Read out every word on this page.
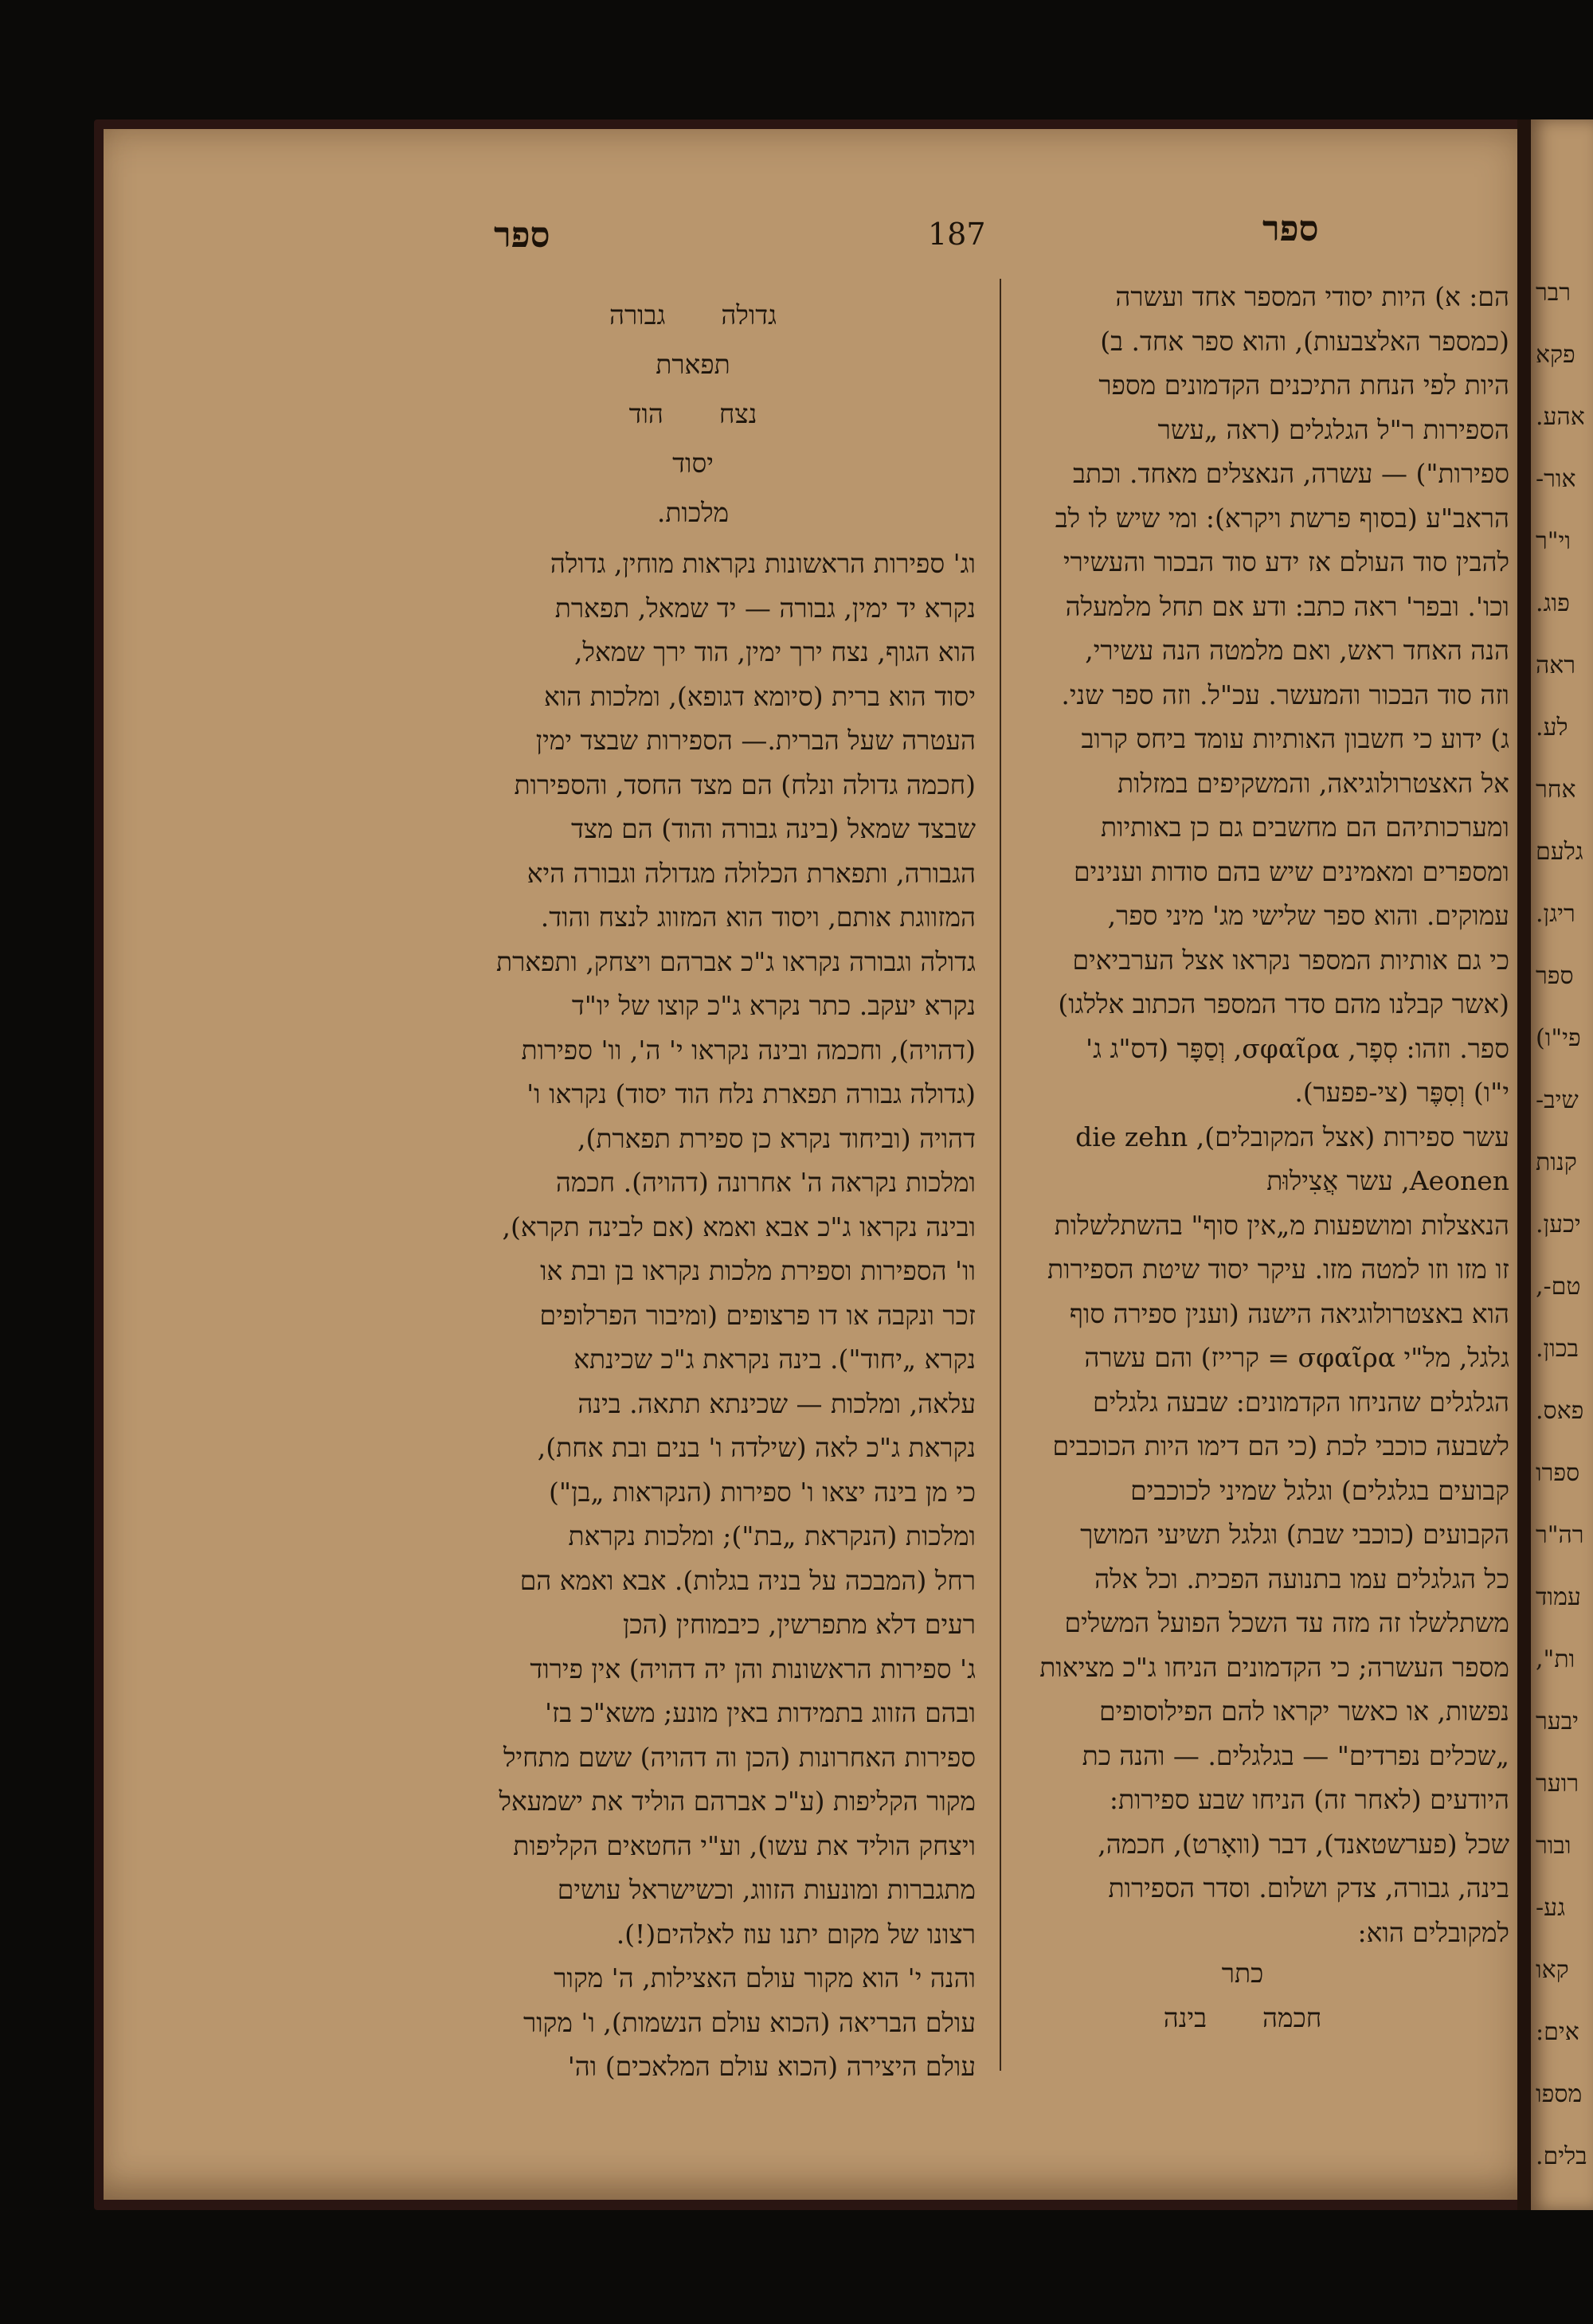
רבר
פקא
אהע.
אור-
וי"ר
פוג.
ראה
לע.
אחר
גלעם
ריגן.
ספר
פי"ו)
שיב-
קנות
יכען.
טם-,
בכון.
פאס.
ספרו
רה"ר
עמוד
ות",
יבער
רוער
ובור
גע-
קאו
אים:
מספו
בלים.
ספר	ספר
187

הם: א) היות יסודי המספר אחד ועשרה

(כמספר האלצבעות), והוא ספר אחד. ב)

היות לפי הנחת התיכנים הקדמונים מספר

הספירות ר"ל הגלגלים (ראה „עשר

ספירות") — עשרה, הנאצלים מאחד. וכתב

הראב"ע (בסוף פרשת ויקרא): ומי שיש לו לב

להבין סוד העולם אז ידע סוד הבכור והעשירי

וכו'. ובפר' ראה כתב: ודע אם תחל מלמעלה

הנה האחד ראש, ואם מלמטה הנה עשירי,

וזה סוד הבכור והמעשר. עכ"ל. וזה ספר שני.

ג) ידוע כי חשבון האותיות עומד ביחס קרוב

אל האצטרולוגיאה, והמשקיפים במזלות

ומערכותיהם הם מחשבים גם כן באותיות

ומספרים ומאמינים שיש בהם סודות וענינים

עמוקים. והוא ספר שלישי מג' מיני ספר,

כי גם אותיות המספר נקראו אצל הערביאים

(אשר קבלנו מהם סדר המספר הכתוב אללגו)

ספר. וזהו: סְפָר, σφαῖρα, וְסַפָּר (דס"ג ג'

י"ו) וְסִפֶּר (צי-פפער).

עשר ספירות (אצל המקובלים), die zehn

Aeonen, עשר אֲצִילוּת

הנאצלות ומושפעות מ„אין סוף" בהשתלשלות

זו מזו וזו למטה מזו. עיקר יסוד שיטת הספירות

הוא באצטרולוגיאה הישנה (וענין ספירה סוף

גלגל, מל"י σφαῖρα = קרייז) והם עשרה

הגלגלים שהניחו הקדמונים: שבעה גלגלים

לשבעה כוכבי לכת (כי הם דימו היות הכוכבים

קבועים בגלגלים) וגלגל שמיני לכוכבים

הקבועים (כוכבי שבת) וגלגל תשיעי המושך

כל הגלגלים עמו בתנועה הפכית. וכל אלה

משתלשלו זה מזה עד השכל הפועל המשלים

מספר העשרה; כי הקדמונים הניחו ג"כ מציאות

נפשות, או כאשר יקראו להם הפילוסופים

„שכלים נפרדים" — בגלגלים. — והנה כת

היודעים (לאחר זה) הניחו שבע ספירות:

שכל (פערשטאנד), דבר (וואָרט), חכמה,

בינה, גבורה, צדק ושלום. וסדר הספירות

למקובלים הוא:

כתר
חכמה
בינה
גדולה
גבורה
תפארת
נצח
הוד
יסוד
מלכות.

וג' ספירות הראשונות נקראות מוחין, גדולה

נקרא יד ימין, גבורה — יד שמאל, תפארת

הוא הגוף, נצח ירך ימין, הוד ירך שמאל,

יסוד הוא ברית (סיומא דגופא), ומלכות הוא

העטרה שעל הברית.— הספירות שבצד ימין

(חכמה גדולה ונלח) הם מצד החסד, והספירות

שבצד שמאל (בינה גבורה והוד) הם מצד

הגבורה, ותפארת הכלולה מגדולה וגבורה היא

המזווגת אותם, ויסוד הוא המזווג לנצח והוד.

גדולה וגבורה נקראו ג"כ אברהם ויצחק, ותפארת

נקרא יעקב. כתר נקרא ג"כ קוצו של יו"ד

(דהויה), וחכמה ובינה נקראו י' ה', וו' ספירות

(גדולה גבורה תפארת נלח הוד יסוד) נקראו ו'

דהויה (וביחוד נקרא כן ספירת תפארת),

ומלכות נקראה ה' אחרונה (דהויה). חכמה

ובינה נקראו ג"כ אבא ואמא (אם לבינה תקרא),

וו' הספירות וספירת מלכות נקראו בן ובת או

זכר ונקבה או דו פרצופים (ומיבור הפרלופים

נקרא „יחוד"). בינה נקראת ג"כ שכינתא

עלאה, ומלכות — שכינתא תתאה. בינה

נקראת ג"כ לאה (שילדה ו' בנים ובת אחת),

כי מן בינה יצאו ו' ספירות (הנקראות „בן")

ומלכות (הנקראת „בת"); ומלכות נקראת

רחל (המבכה על בניה בגלות). אבא ואמא הם

רעים דלא מתפרשין, כיבמוחין (הכן

ג' ספירות הראשונות והן יה דהויה) אין פירוד

ובהם הזווג בתמידות באין מונע; משא"כ בז'

ספירות האחרונות (הכן וה דהויה) ששם מתחיל

מקור הקליפות (ע"כ אברהם הוליד את ישמעאל

ויצחק הוליד את עשו), וע"י החטאים הקליפות

מתגברות ומונעות הזווג, וכשישראל עושים

רצונו של מקום יתנו עוז לאלהים(!).

והנה י' הוא מקור עולם האצילות, ה' מקור

עולם הבריאה (הכוא עולם הנשמות), ו' מקור

עולם היצירה (הכוא עולם המלאכים) וה'
